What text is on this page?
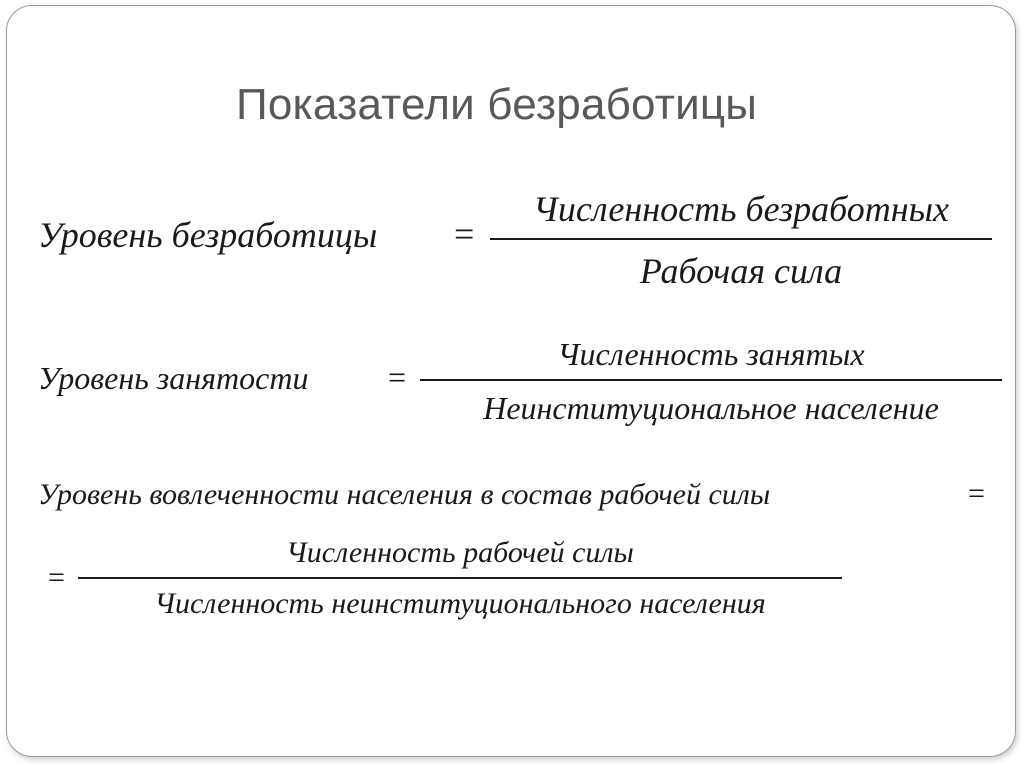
Показатели безработицы
Уровень безработицы =
Численность безработных
Рабочая сила
Уровень занятости =
Численность занятых
Неинституциональное население
Уровень вовлеченности населения в состав рабочей силы	=
=
Численность рабочей силы
Численность неинституционального населения
